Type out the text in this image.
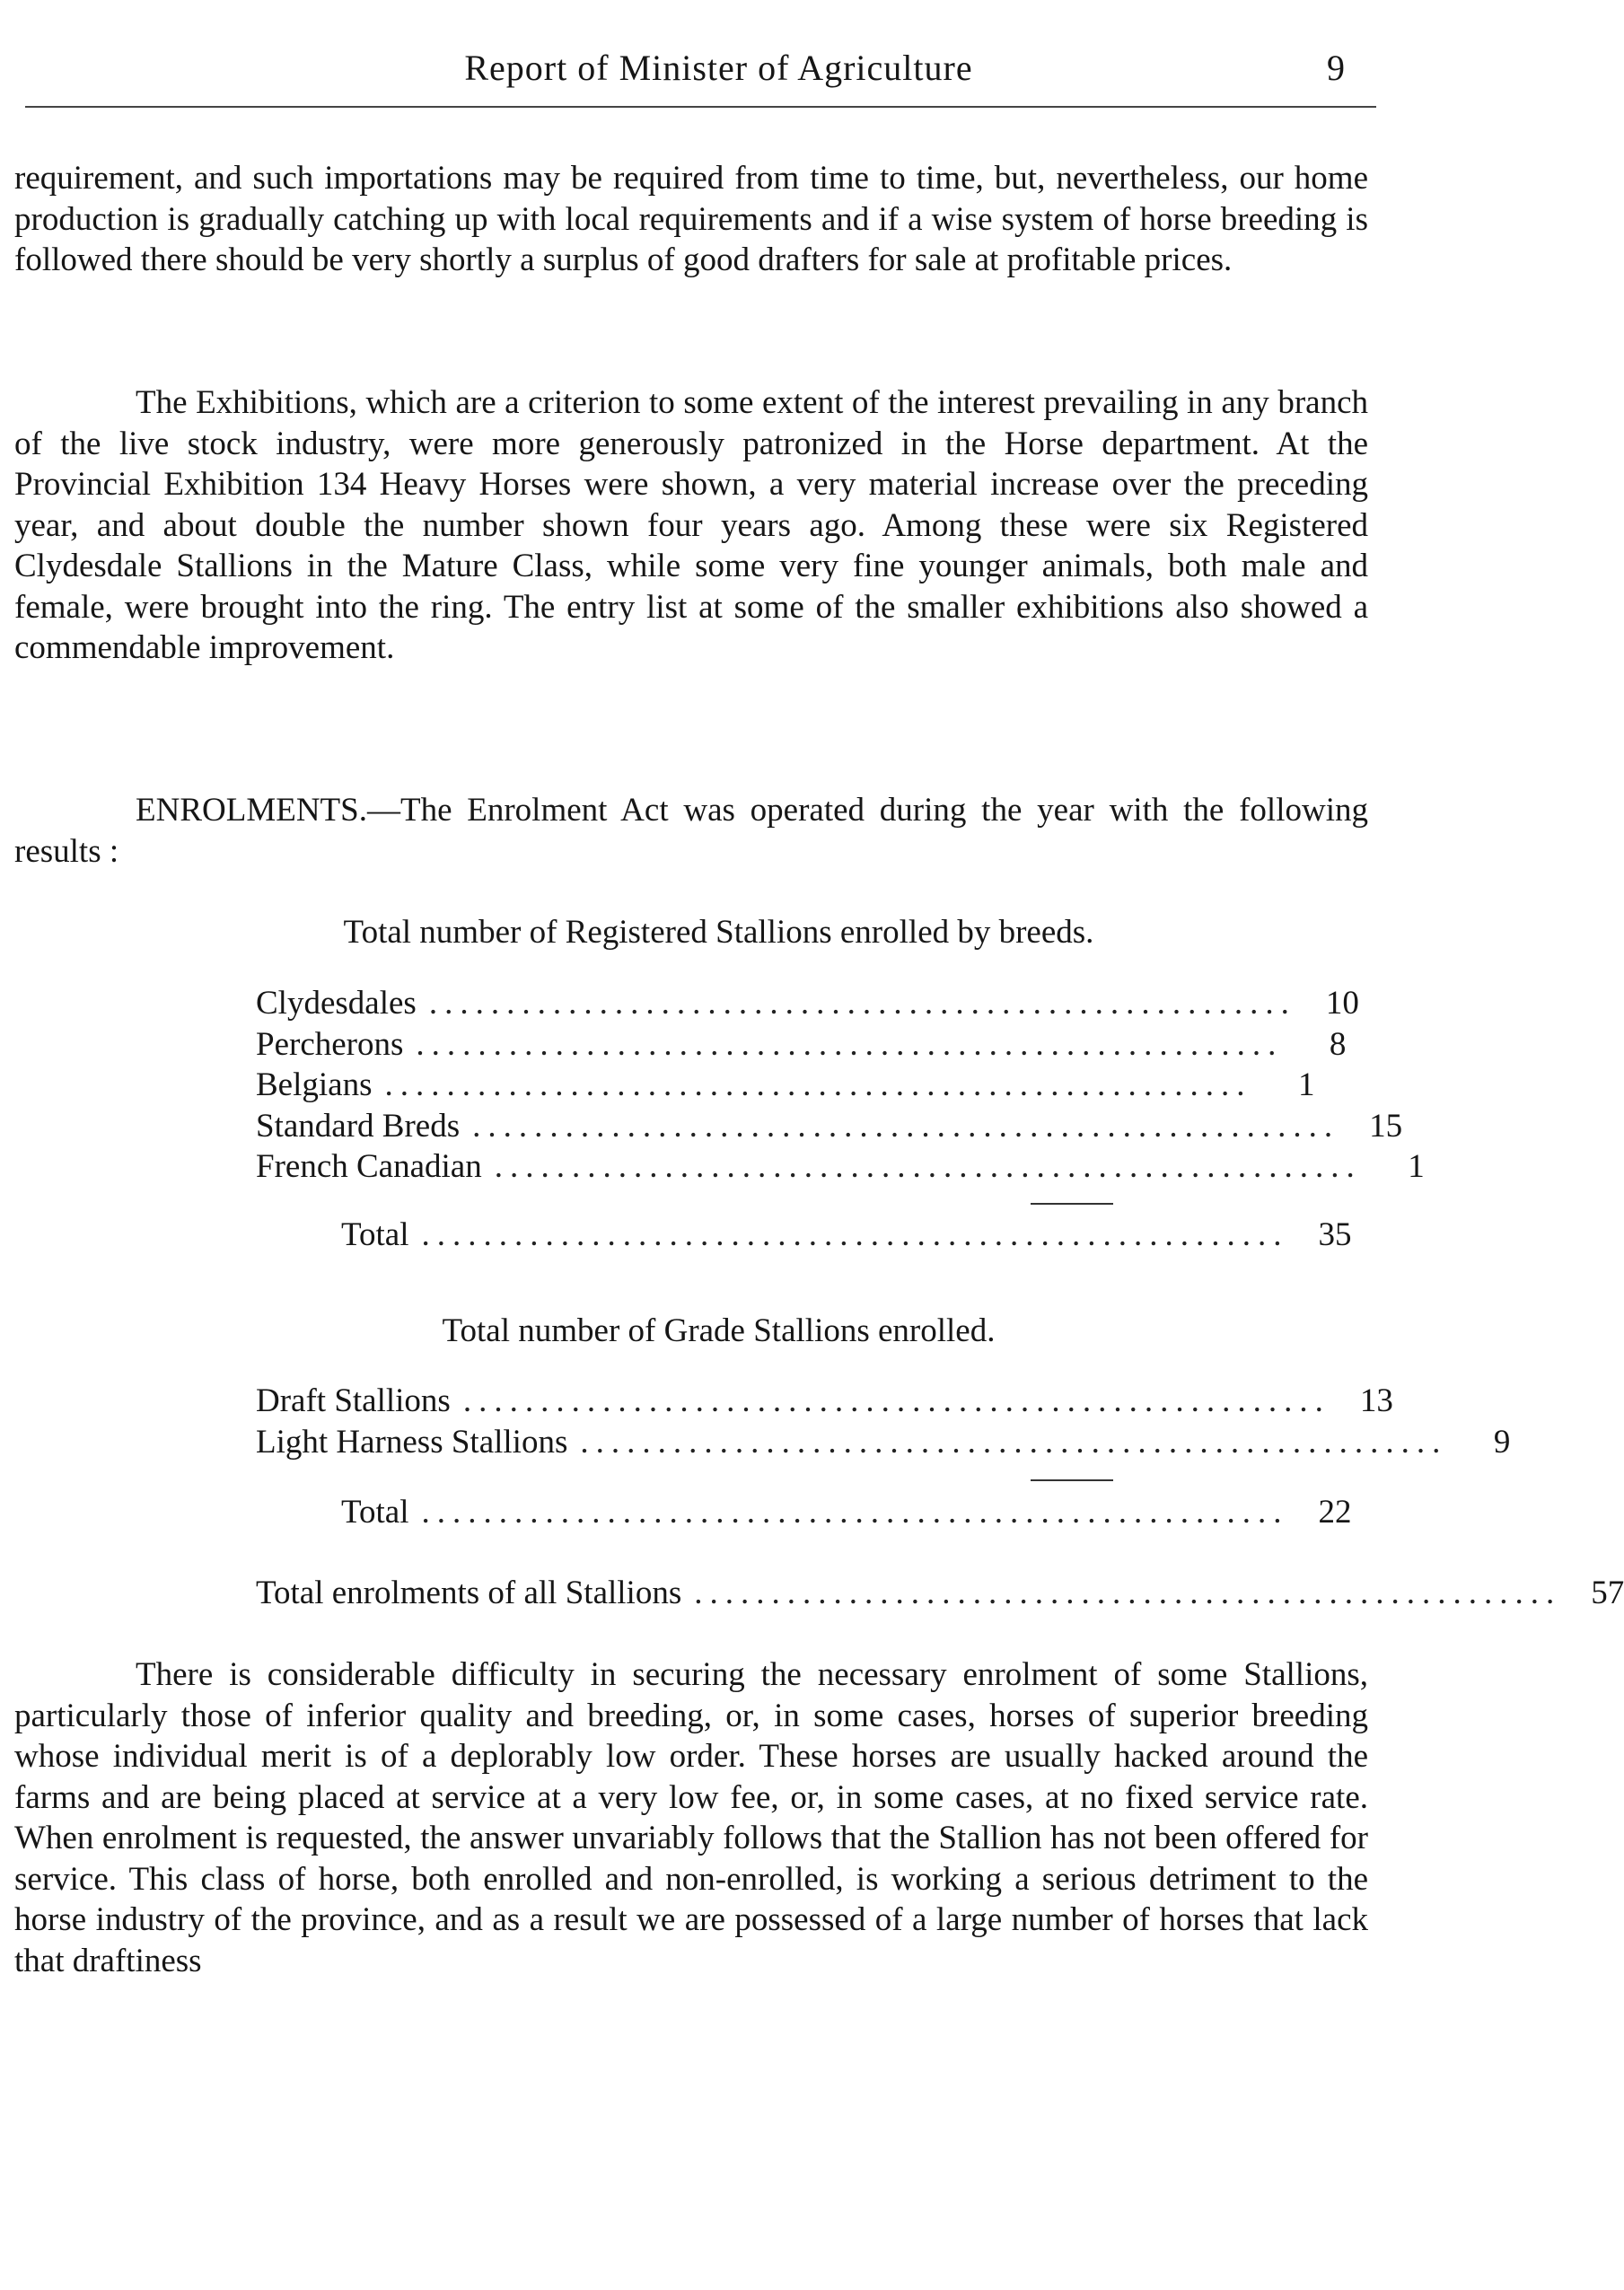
Report of Minister of Agriculture	9

requirement, and such importations may be required from time to time, but, nevertheless, our home production is gradually catching up with local requirements and if a wise system of horse breeding is followed there should be very shortly a surplus of good drafters for sale at profitable prices.

The Exhibitions, which are a criterion to some extent of the interest prevailing in any branch of the live stock industry, were more generously patronized in the Horse department. At the Provincial Exhibition 134 Heavy Horses were shown, a very material increase over the preceding year, and about double the number shown four years ago. Among these were six Registered Clydesdale Stallions in the Mature Class, while some very fine younger animals, both male and female, were brought into the ring. The entry list at some of the smaller exhibitions also showed a commendable improvement.

ENROLMENTS.—The Enrolment Act was operated during the year with the following results :

Total number of Registered Stallions enrolled by breeds.
Clydesdales ........................................................ 10
Percherons ........................................................	8
Belgians ........................................................	1
Standard Breds ........................................................ 15
French Canadian ........................................................	1
Total ........................................................ 35
Total number of Grade Stallions enrolled.
Draft Stallions ........................................................ 13
Light Harness Stallions ........................................................	9
Total ........................................................ 22
Total enrolments of all Stallions ........................................................ 57

There is considerable difficulty in securing the necessary enrolment of some Stallions, particularly those of inferior quality and breeding, or, in some cases, horses of superior breeding whose individual merit is of a deplorably low order. These horses are usually hacked around the farms and are being placed at service at a very low fee, or, in some cases, at no fixed service rate. When enrolment is requested, the answer unvariably follows that the Stallion has not been offered for service. This class of horse, both enrolled and non-enrolled, is working a serious detriment to the horse industry of the province, and as a result we are possessed of a large number of horses that lack that draftiness
